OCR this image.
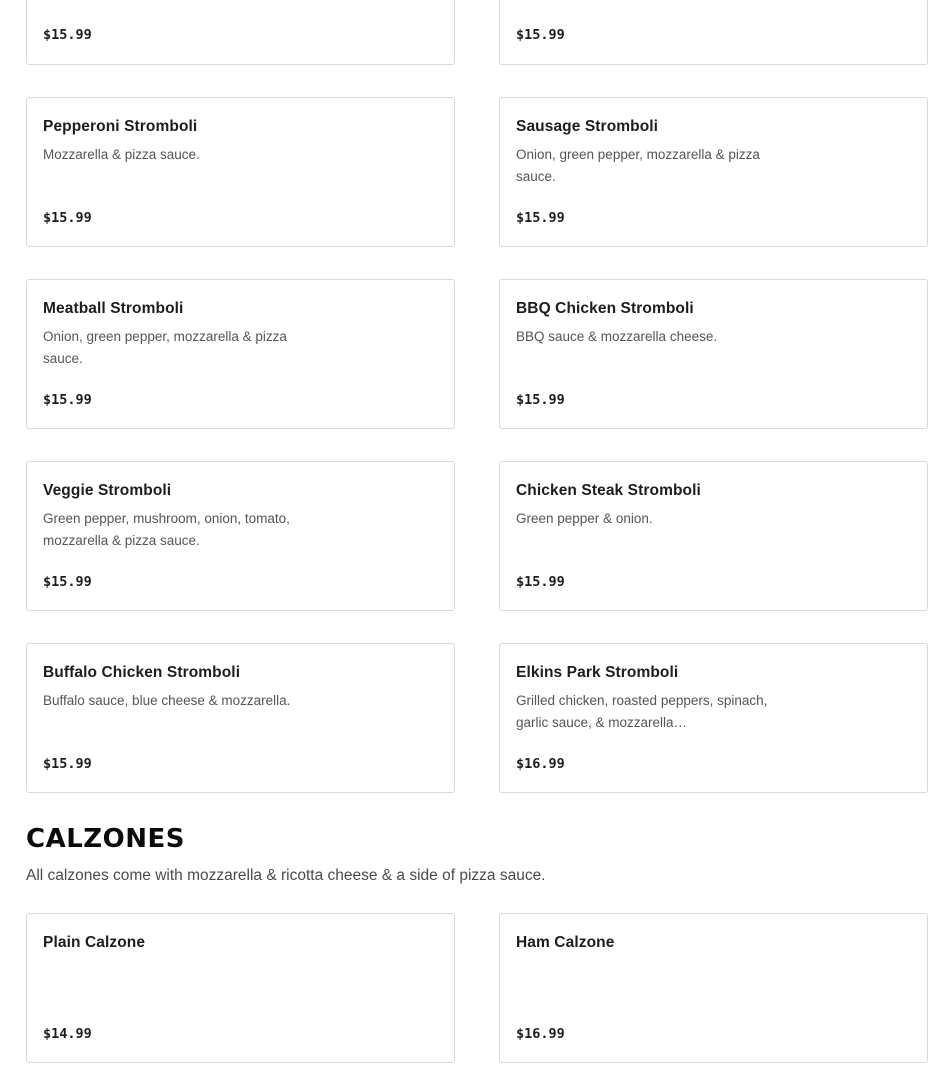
$15.99	$15.99
Pepperoni Stromboli
Mozzarella & pizza sauce.
$15.99
Sausage Stromboli
Onion, green pepper, mozzarella & pizza sauce.
$15.99
Meatball Stromboli
Onion, green pepper, mozzarella & pizza sauce.
$15.99
BBQ Chicken Stromboli
BBQ sauce & mozzarella cheese.
$15.99
Veggie Stromboli
Green pepper, mushroom, onion, tomato, mozzarella & pizza sauce.
$15.99
Chicken Steak Stromboli
Green pepper & onion.
$15.99
Buffalo Chicken Stromboli
Buffalo sauce, blue cheese & mozzarella.
$15.99
Elkins Park Stromboli
Grilled chicken, roasted peppers, spinach, garlic sauce, & mozzarella…
$16.99
CALZONES
All calzones come with mozzarella & ricotta cheese & a side of pizza sauce.
Plain Calzone
$14.99
Ham Calzone
$16.99
